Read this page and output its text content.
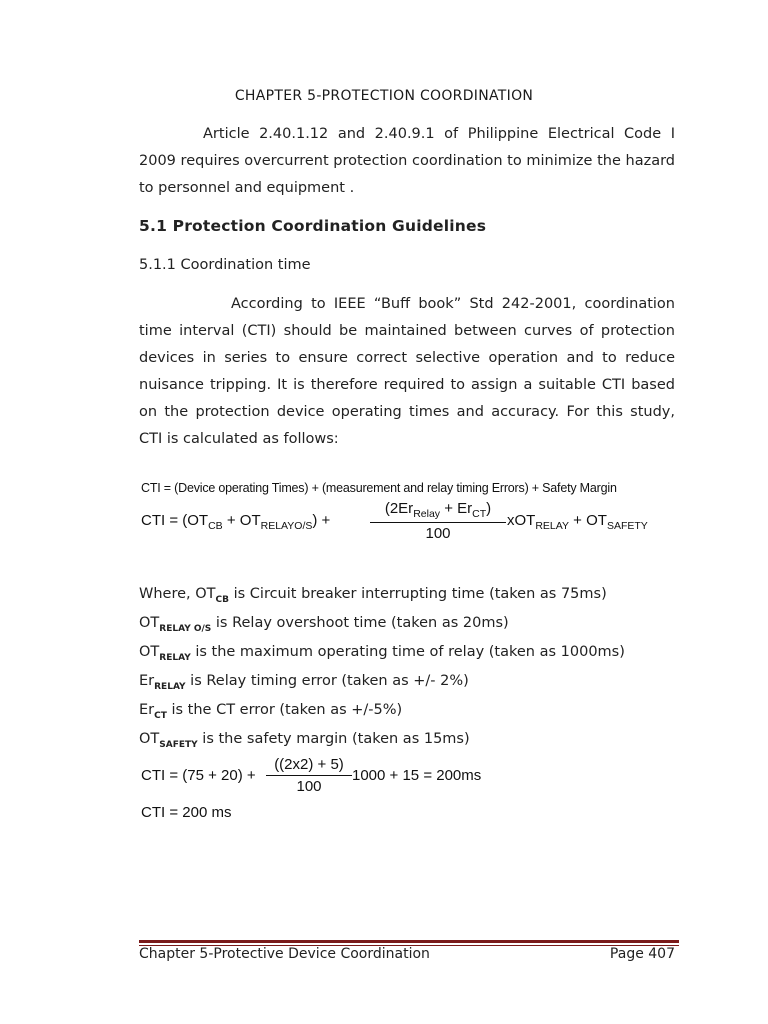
CHAPTER 5-PROTECTION COORDINATION
Article 2.40.1.12 and 2.40.9.1 of Philippine Electrical Code I 2009 requires overcurrent protection coordination to minimize the hazard to personnel and equipment .
5.1 Protection Coordination Guidelines
5.1.1 Coordination time
According to IEEE “Buff book” Std 242-2001, coordination time interval (CTI) should be maintained between curves of protection devices in series to ensure correct selective operation and to reduce nuisance tripping. It is therefore required to assign a suitable CTI based on the protection device operating times and accuracy. For this study, CTI is calculated as follows:
CTI = (Device operating Times) + (measurement and relay timing Errors) + Safety Margin
CTI = $(OT_{CB} + OT_{RELAYO/S})$ +
$(2Er_{Relay} + Er_{CT})$
100
$xOT_{RELAY} + OT_{SAFETY}$
Where, $OT_{CB}$ is Circuit breaker interrupting time (taken as 75ms)
$OT_{RELAY O/S}$ is Relay overshoot time (taken as 20ms)
$OT_{RELAY}$ is the maximum operating time of relay (taken as 1000ms)
$Er_{RELAY}$ is Relay timing error (taken as +/- 2%)
$Er_{CT}$ is the CT error (taken as +/-5%)
$OT_{SAFETY}$ is the safety margin (taken as 15ms)
CTI = (75 + 20) +
((2x2) + 5)
100
1000 + 15 = 200ms
CTI = 200 ms
Chapter 5-Protective Device Coordination	Page 407
